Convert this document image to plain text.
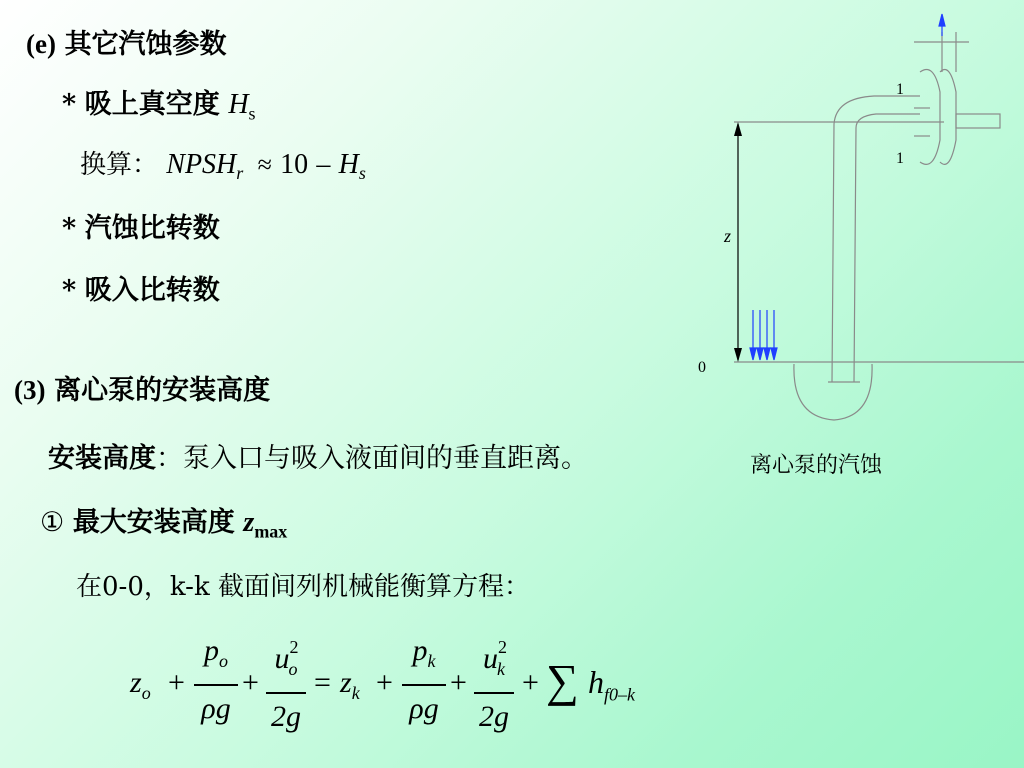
(e) 其它汽蚀参数
* 吸上真空度 $H_s$
换算： $NPSH_r \approx 10 - H_s$
* 汽蚀比转数
* 吸入比转数
(3) 离心泵的安装高度
安装高度：泵入口与吸入液面间的垂直距离。
① 最大安装高度 $z_{max}$
在0-0，k-k 截面间列机械能衡算方程：
$z_o$ +
$p_o$
ρg
+
$u^2_o$
2g
= $z_k$ +
$p_k$
ρg
+
$u^2_k$
2g
+ ∑ $h_{f0-k}$
1
1
z
0
离心泵的汽蚀
